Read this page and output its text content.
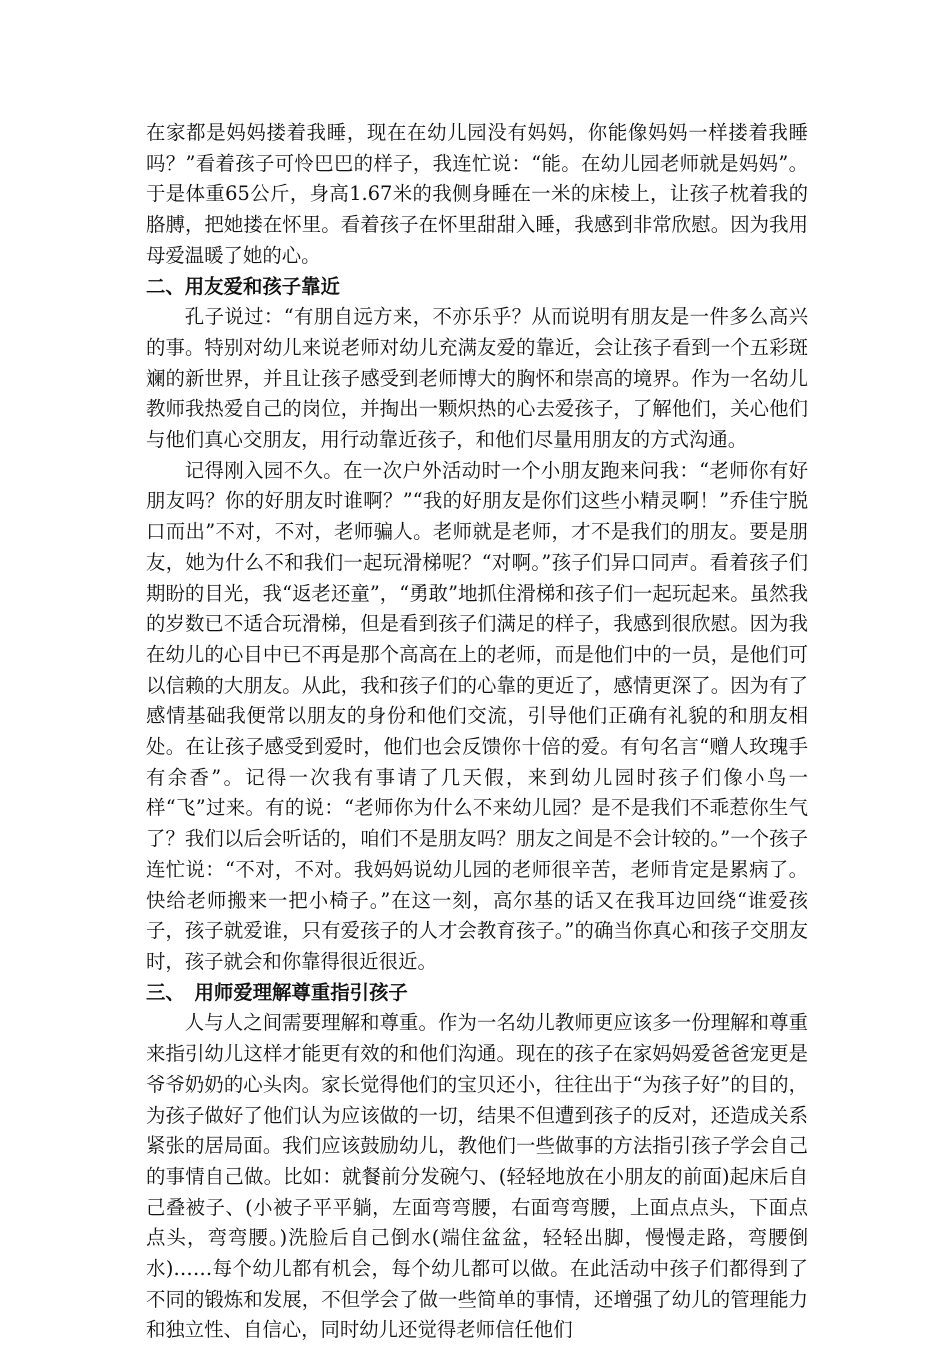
在家都是妈妈搂着我睡，现在在幼儿园没有妈妈，你能像妈妈一样搂着我睡吗？”看着孩子可怜巴巴的样子，我连忙说：“能。在幼儿园老师就是妈妈”。于是体重65公斤，身高1.67米的我侧身睡在一米的床棱上，让孩子枕着我的胳膊，把她搂在怀里。看着孩子在怀里甜甜入睡，我感到非常欣慰。因为我用母爱温暖了她的心。

二、用友爱和孩子靠近

孔子说过：“有朋自远方来，不亦乐乎？从而说明有朋友是一件多么高兴的事。特别对幼儿来说老师对幼儿充满友爱的靠近，会让孩子看到一个五彩斑斓的新世界，并且让孩子感受到老师博大的胸怀和崇高的境界。作为一名幼儿教师我热爱自己的岗位，并掏出一颗炽热的心去爱孩子，了解他们，关心他们与他们真心交朋友，用行动靠近孩子，和他们尽量用朋友的方式沟通。

记得刚入园不久。在一次户外活动时一个小朋友跑来问我：“老师你有好朋友吗？你的好朋友时谁啊？”“我的好朋友是你们这些小精灵啊！”乔佳宁脱口而出”不对，不对，老师骗人。老师就是老师，才不是我们的朋友。要是朋友，她为什么不和我们一起玩滑梯呢？“对啊。”孩子们异口同声。看着孩子们期盼的目光，我“返老还童”，“勇敢”地抓住滑梯和孩子们一起玩起来。虽然我的岁数已不适合玩滑梯，但是看到孩子们满足的样子，我感到很欣慰。因为我在幼儿的心目中已不再是那个高高在上的老师，而是他们中的一员，是他们可以信赖的大朋友。从此，我和孩子们的心靠的更近了，感情更深了。因为有了感情基础我便常以朋友的身份和他们交流，引导他们正确有礼貌的和朋友相处。在让孩子感受到爱时，他们也会反馈你十倍的爱。有句名言“赠人玫瑰手有余香”。记得一次我有事请了几天假，来到幼儿园时孩子们像小鸟一样“飞”过来。有的说：“老师你为什么不来幼儿园？是不是我们不乖惹你生气了？我们以后会听话的，咱们不是朋友吗？朋友之间是不会计较的。”一个孩子连忙说：“不对，不对。我妈妈说幼儿园的老师很辛苦，老师肯定是累病了。快给老师搬来一把小椅子。”在这一刻，高尔基的话又在我耳边回绕“谁爱孩子，孩子就爱谁，只有爱孩子的人才会教育孩子。”的确当你真心和孩子交朋友时，孩子就会和你靠得很近很近。

三、　用师爱理解尊重指引孩子

人与人之间需要理解和尊重。作为一名幼儿教师更应该多一份理解和尊重来指引幼儿这样才能更有效的和他们沟通。现在的孩子在家妈妈爱爸爸宠更是爷爷奶奶的心头肉。家长觉得他们的宝贝还小，往往出于“为孩子好”的目的，为孩子做好了他们认为应该做的一切，结果不但遭到孩子的反对，还造成关系紧张的居局面。我们应该鼓励幼儿，教他们一些做事的方法指引孩子学会自己的事情自己做。比如：就餐前分发碗勺、(轻轻地放在小朋友的前面)起床后自己叠被子、(小被子平平躺，左面弯弯腰，右面弯弯腰，上面点点头，下面点点头，弯弯腰。)洗脸后自己倒水(端住盆盆，轻轻出脚，慢慢走路，弯腰倒水)……每个幼儿都有机会，每个幼儿都可以做。在此活动中孩子们都得到了不同的锻炼和发展，不但学会了做一些简单的事情，还增强了幼儿的管理能力和独立性、自信心，同时幼儿还觉得老师信任他们
